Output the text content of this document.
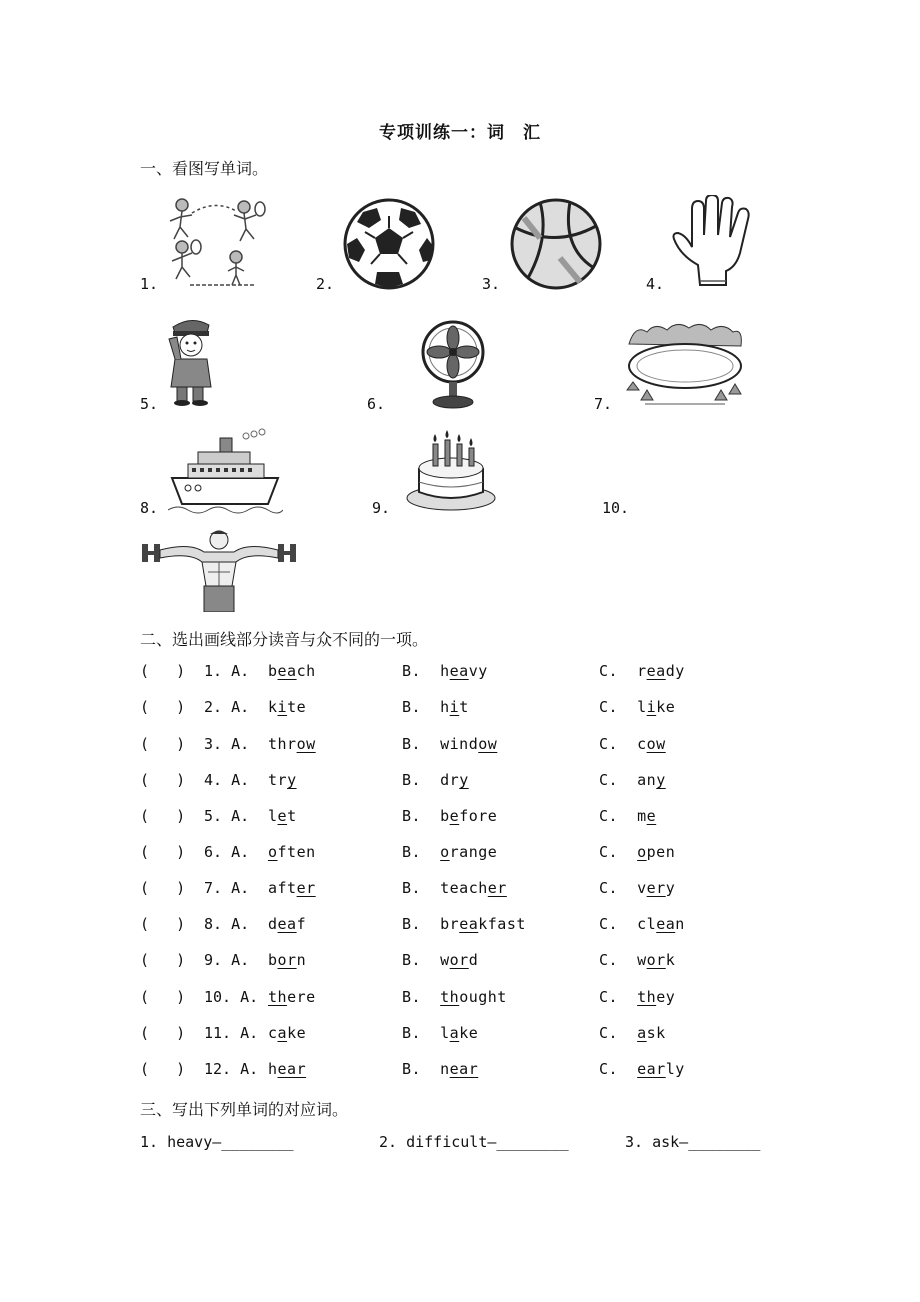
专项训练一：词　汇
一、看图写单词。
1.	2.	3.	4.
5.	6.	7.
8.	9.	10.
二、选出画线部分读音与众不同的一项。
(   ) 1. A. beach	B. heavy	C. ready
(   ) 2. A. kite	B. hit	C. like
(   ) 3. A. throw	B. window	C. cow
(   ) 4. A. try	B. dry	C. any
(   ) 5. A. let	B. before	C. me
(   ) 6. A. often	B. orange	C. open
(   ) 7. A. after	B. teacher	C. very
(   ) 8. A. deaf	B. breakfast	C. clean
(   ) 9. A. born	B. word	C. work
(   ) 10. A. there	B. thought	C. they
(   ) 11. A. cake	B. lake	C. ask
(   ) 12. A. hear	B. near	C. early
三、写出下列单词的对应词。
1. heavy—________	2. difficult—________	3. ask—________
